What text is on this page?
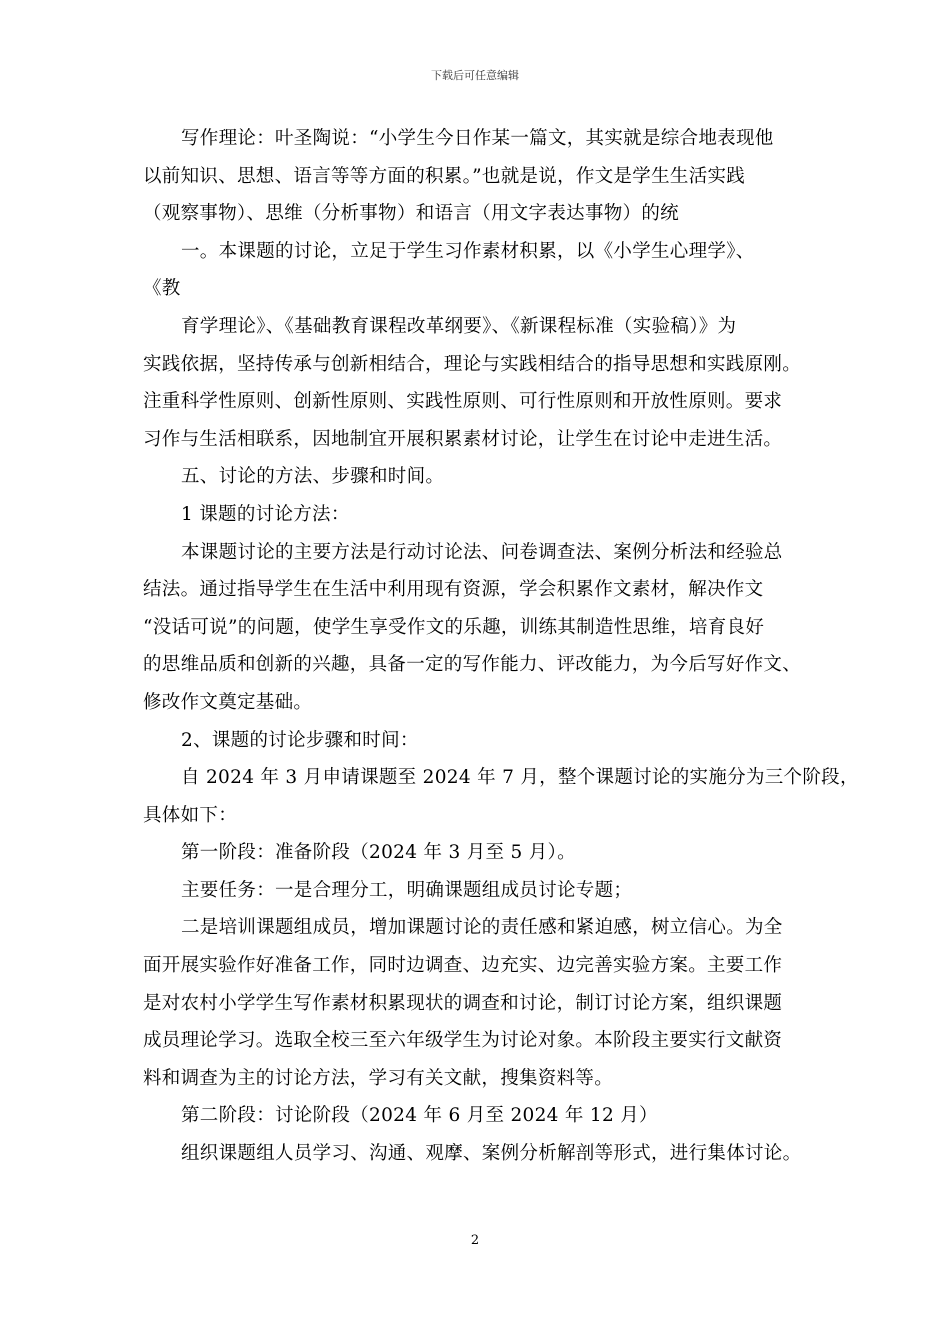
下载后可任意编辑
写作理论：叶圣陶说：“小学生今日作某一篇文，其实就是综合地表现他
以前知识、思想、语言等等方面的积累。”也就是说，作文是学生生活实践
（观察事物）、思维（分析事物）和语言（用文字表达事物）的统
一。本课题的讨论，立足于学生习作素材积累，以《小学生心理学》、
《教
育学理论》、《基础教育课程改革纲要》、《新课程标准（实验稿）》为
实践依据，坚持传承与创新相结合，理论与实践相结合的指导思想和实践原刚。
注重科学性原则、创新性原则、实践性原则、可行性原则和开放性原则。要求
习作与生活相联系，因地制宜开展积累素材讨论，让学生在讨论中走进生活。
五、讨论的方法、步骤和时间。
1 课题的讨论方法：
本课题讨论的主要方法是行动讨论法、问卷调查法、案例分析法和经验总
结法。通过指导学生在生活中利用现有资源，学会积累作文素材，解决作文
“没话可说”的问题，使学生享受作文的乐趣，训练其制造性思维，培育良好
的思维品质和创新的兴趣，具备一定的写作能力、评改能力，为今后写好作文、
修改作文奠定基础。
2、课题的讨论步骤和时间：
自 2024 年 3 月申请课题至 2024 年 7 月，整个课题讨论的实施分为三个阶段，
具体如下：
第一阶段：准备阶段（2024 年 3 月至 5 月）。
主要任务：一是合理分工，明确课题组成员讨论专题；
二是培训课题组成员，增加课题讨论的责任感和紧迫感，树立信心。为全
面开展实验作好准备工作，同时边调查、边充实、边完善实验方案。主要工作
是对农村小学学生写作素材积累现状的调查和讨论，制订讨论方案，组织课题
成员理论学习。选取全校三至六年级学生为讨论对象。本阶段主要实行文献资
料和调查为主的讨论方法，学习有关文献，搜集资料等。
第二阶段：讨论阶段（2024 年 6 月至 2024 年 12 月）
组织课题组人员学习、沟通、观摩、案例分析解剖等形式，进行集体讨论。
2
